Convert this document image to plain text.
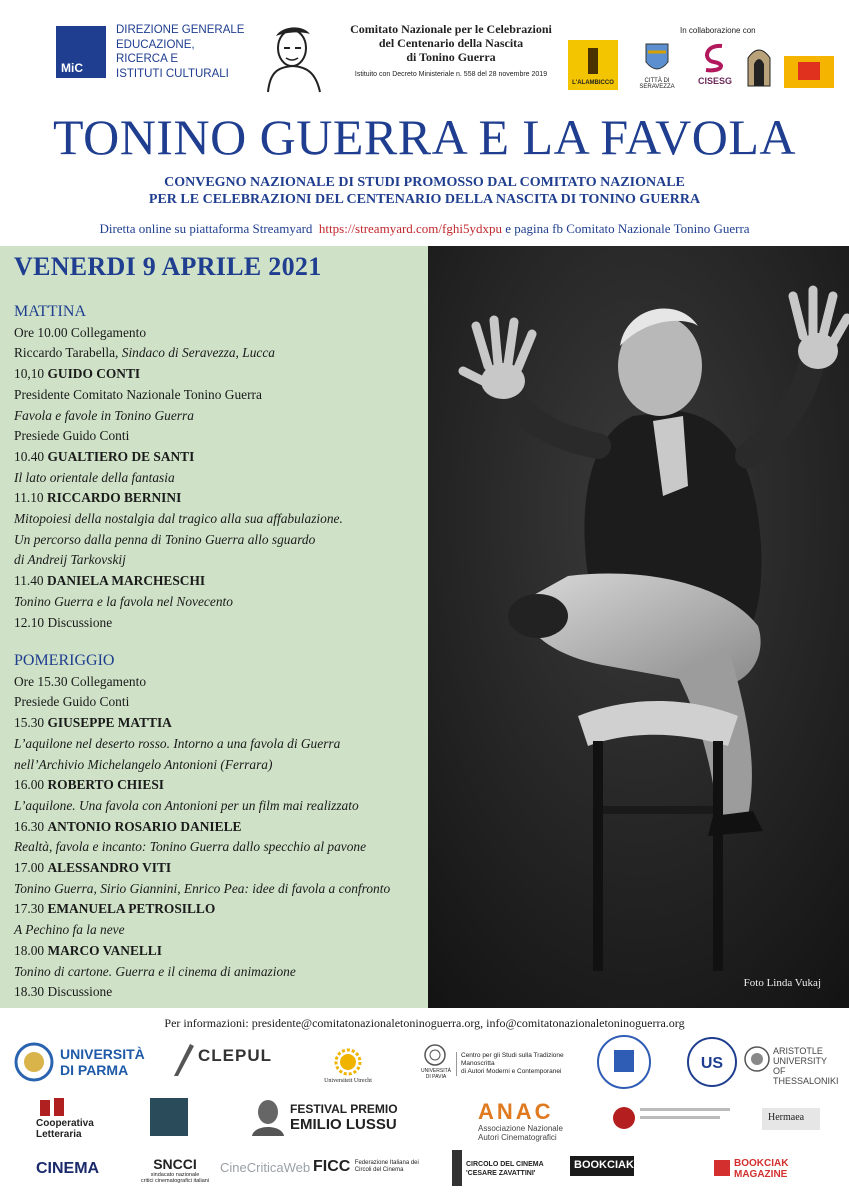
MiC
DIREZIONE GENERALE
EDUCAZIONE,
RICERCA E
ISTITUTI CULTURALI
Comitato Nazionale per le Celebrazioni
del Centenario della Nascita
di Tonino Guerra
Istituito con Decreto Ministeriale n. 558 del 28 novembre 2019
In collaborazione con
L'ALAMBICCO	CITTÀ DI SERAVEZZA
CISESG
TONINO GUERRA E LA FAVOLA
CONVEGNO NAZIONALE DI STUDI PROMOSSO DAL COMITATO NAZIONALE
PER LE CELEBRAZIONI DEL CENTENARIO DELLA NASCITA DI TONINO GUERRA
Diretta online su piattaforma Streamyard https://streamyard.com/fghi5ydxpu e pagina fb Comitato Nazionale Tonino Guerra
VENERDI 9 APRILE 2021
MATTINA
Ore 10.00 Collegamento
Riccardo Tarabella, Sindaco di Seravezza, Lucca
10,10 GUIDO CONTI
Presidente Comitato Nazionale Tonino Guerra
Favola e favole in Tonino Guerra
Presiede Guido Conti
10.40 GUALTIERO DE SANTI
Il lato orientale della fantasia
11.10 RICCARDO BERNINI
Mitopoiesi della nostalgia dal tragico alla sua affabulazione.
Un percorso dalla penna di Tonino Guerra allo sguardo
di Andreij Tarkovskij
11.40 DANIELA MARCHESCHI
Tonino Guerra e la favola nel Novecento
12.10 Discussione
POMERIGGIO
Ore 15.30 Collegamento
Presiede Guido Conti
15.30 GIUSEPPE MATTIA
L’aquilone nel deserto rosso. Intorno a una favola di Guerra
nell’Archivio Michelangelo Antonioni (Ferrara)
16.00 ROBERTO CHIESI
L’aquilone. Una favola con Antonioni per un film mai realizzato
16.30 ANTONIO ROSARIO DANIELE
Realtà, favola e incanto: Tonino Guerra dallo specchio al pavone
17.00 ALESSANDRO VITI
Tonino Guerra, Sirio Giannini, Enrico Pea: idee di favola a confronto
17.30 EMANUELA PETROSILLO
A Pechino fa la neve
18.00 MARCO VANELLI
Tonino di cartone. Guerra e il cinema di animazione
18.30 Discussione
Foto Linda Vukaj
Per informazioni: presidente@comitatonazionaletoninoguerra.org, info@comitatonazionaletoninoguerra.org
UNIVERSITÀ
DI PARMA
CLEPUL
Universiteit Utrecht
UNIVERSITÀ DI PAVIA
Centro per gli Studi sulla Tradizione Manoscritta
di Autori Moderni e Contemporanei	US
ARISTOTLE
UNIVERSITY
OF THESSALONIKI
Cooperativa
Letteraria
FESTIVAL PREMIO
EMILIO LUSSU
ANAC
Associazione Nazionale
Autori Cinematografici
Hermaea
CINEMA	SNCCI
sindacato nazionale
critici cinematografici italiani
CineCriticaWeb FICC Federazione Italiana dei Circoli del Cinema
CIRCOLO DEL CINEMA
'CESARE ZAVATTINI'
BOOKCIAK	BOOKCIAK
MAGAZINE
